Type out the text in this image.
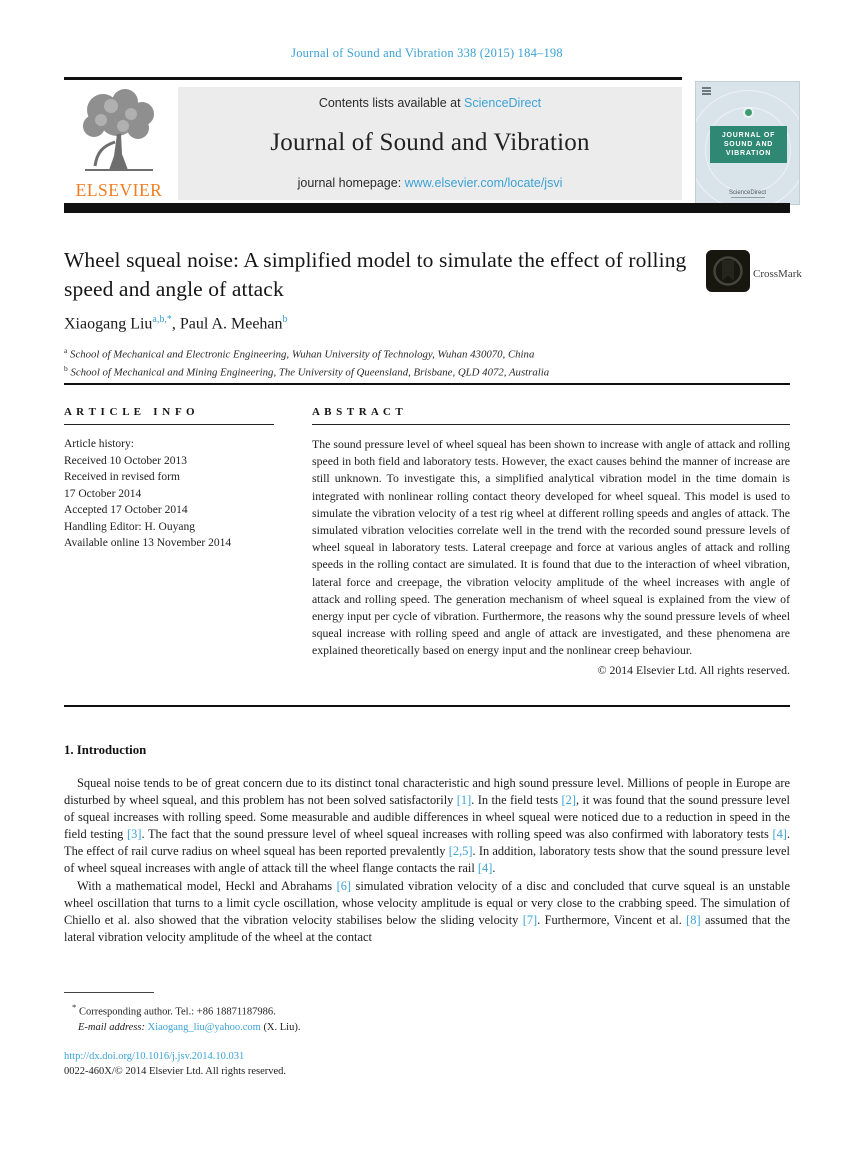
Journal of Sound and Vibration 338 (2015) 184–198
ELSEVIER
Contents lists available at ScienceDirect
Journal of Sound and Vibration
journal homepage: www.elsevier.com/locate/jsvi
JOURNAL OF
SOUND AND
VIBRATION
ScienceDirect
Wheel squeal noise: A simplified model to simulate the effect of rolling speed and angle of attack
CrossMark
Xiaogang Liu$^{a,b,*}$, Paul A. Meehan$^b$
$^a$ School of Mechanical and Electronic Engineering, Wuhan University of Technology, Wuhan 430070, China
$^b$ School of Mechanical and Mining Engineering, The University of Queensland, Brisbane, QLD 4072, Australia
A R T I C L E   I N F O
Article history:
Received 10 October 2013
Received in revised form
17 October 2014
Accepted 17 October 2014
Handling Editor: H. Ouyang
Available online 13 November 2014
A B S T R A C T
The sound pressure level of wheel squeal has been shown to increase with angle of attack and rolling speed in both field and laboratory tests. However, the exact causes behind the manner of increase are still unknown. To investigate this, a simplified analytical vibration model in the time domain is integrated with nonlinear rolling contact theory developed for wheel squeal. This model is used to simulate the vibration velocity of a test rig wheel at different rolling speeds and angles of attack. The simulated vibration velocities correlate well in the trend with the recorded sound pressure levels of wheel squeal in laboratory tests. Lateral creepage and force at various angles of attack and rolling speeds in the rolling contact are simulated. It is found that due to the interaction of wheel vibration, lateral force and creepage, the vibration velocity amplitude of the wheel increases with angle of attack and rolling speed. The generation mechanism of wheel squeal is explained from the view of energy input per cycle of vibration. Furthermore, the reasons why the sound pressure levels of wheel squeal increase with rolling speed and angle of attack are investigated, and these phenomena are explained theoretically based on energy input and the nonlinear creep behaviour.
© 2014 Elsevier Ltd. All rights reserved.
1. Introduction

Squeal noise tends to be of great concern due to its distinct tonal characteristic and high sound pressure level. Millions of people in Europe are disturbed by wheel squeal, and this problem has not been solved satisfactorily [1]. In the field tests [2], it was found that the sound pressure level of squeal increases with rolling speed. Some measurable and audible differences in wheel squeal were noticed due to a reduction in speed in the field testing [3]. The fact that the sound pressure level of wheel squeal increases with rolling speed was also confirmed with laboratory tests [4]. The effect of rail curve radius on wheel squeal has been reported prevalently [2,5]. In addition, laboratory tests show that the sound pressure level of wheel squeal increases with angle of attack till the wheel flange contacts the rail [4].

With a mathematical model, Heckl and Abrahams [6] simulated vibration velocity of a disc and concluded that curve squeal is an unstable wheel oscillation that turns to a limit cycle oscillation, whose velocity amplitude is equal or very close to the crabbing speed. The simulation of Chiello et al. also showed that the vibration velocity stabilises below the sliding velocity [7]. Furthermore, Vincent et al. [8] assumed that the lateral vibration velocity amplitude of the wheel at the contact

* Corresponding author. Tel.: +86 18871187986.
E-mail address: Xiaogang_liu@yahoo.com (X. Liu).
http://dx.doi.org/10.1016/j.jsv.2014.10.031
0022-460X/© 2014 Elsevier Ltd. All rights reserved.
